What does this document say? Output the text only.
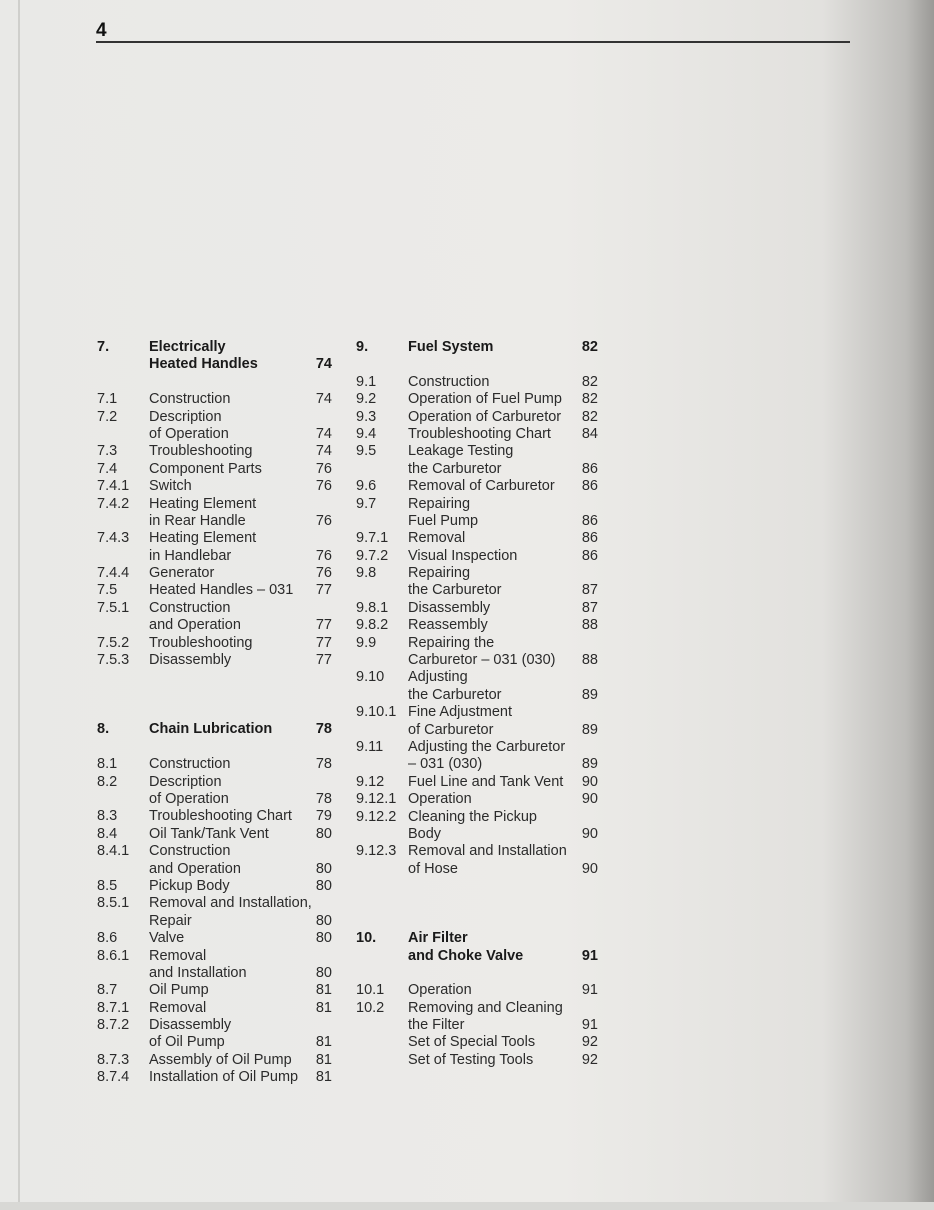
4
7.	Electrically
Heated Handles	74
7.1 Construction	74
7.2 Description
of Operation	74
7.3 Troubleshooting	74
7.4 Component Parts	76
7.4.1 Switch	76
7.4.2 Heating Element
in Rear Handle	76
7.4.3 Heating Element
in Handlebar	76
7.4.4 Generator	76
7.5 Heated Handles – 031	77
7.5.1 Construction
and Operation	77
7.5.2 Troubleshooting	77
7.5.3 Disassembly	77
8.	Chain Lubrication	78
8.1 Construction	78
8.2 Description
of Operation	78
8.3 Troubleshooting Chart	79
8.4 Oil Tank/Tank Vent	80
8.4.1 Construction
and Operation	80
8.5 Pickup Body	80
8.5.1 Removal and Installation,
Repair	80
8.6 Valve	80
8.6.1 Removal
and Installation	80
8.7 Oil Pump	81
8.7.1 Removal	81
8.7.2 Disassembly
of Oil Pump	81
8.7.3 Assembly of Oil Pump	81
8.7.4 Installation of Oil Pump	81
9.	Fuel System	82
9.1 Construction	82
9.2 Operation of Fuel Pump	82
9.3 Operation of Carburetor	82
9.4 Troubleshooting Chart	84
9.5 Leakage Testing
the Carburetor	86
9.6 Removal of Carburetor	86
9.7 Repairing
Fuel Pump	86
9.7.1 Removal	86
9.7.2 Visual Inspection	86
9.8 Repairing
the Carburetor	87
9.8.1 Disassembly	87
9.8.2 Reassembly	88
9.9 Repairing the
Carburetor – 031 (030)	88
9.10 Adjusting
the Carburetor	89
9.10.1 Fine Adjustment
of Carburetor	89
9.11 Adjusting the Carburetor
– 031 (030)	89
9.12 Fuel Line and Tank Vent	90
9.12.1 Operation	90
9.12.2 Cleaning the Pickup
Body	90
9.12.3 Removal and Installation
of Hose	90
10. Air Filter
and Choke Valve	91
10.1 Operation	91
10.2 Removing and Cleaning
the Filter	91
Set of Special Tools	92
Set of Testing Tools	92
